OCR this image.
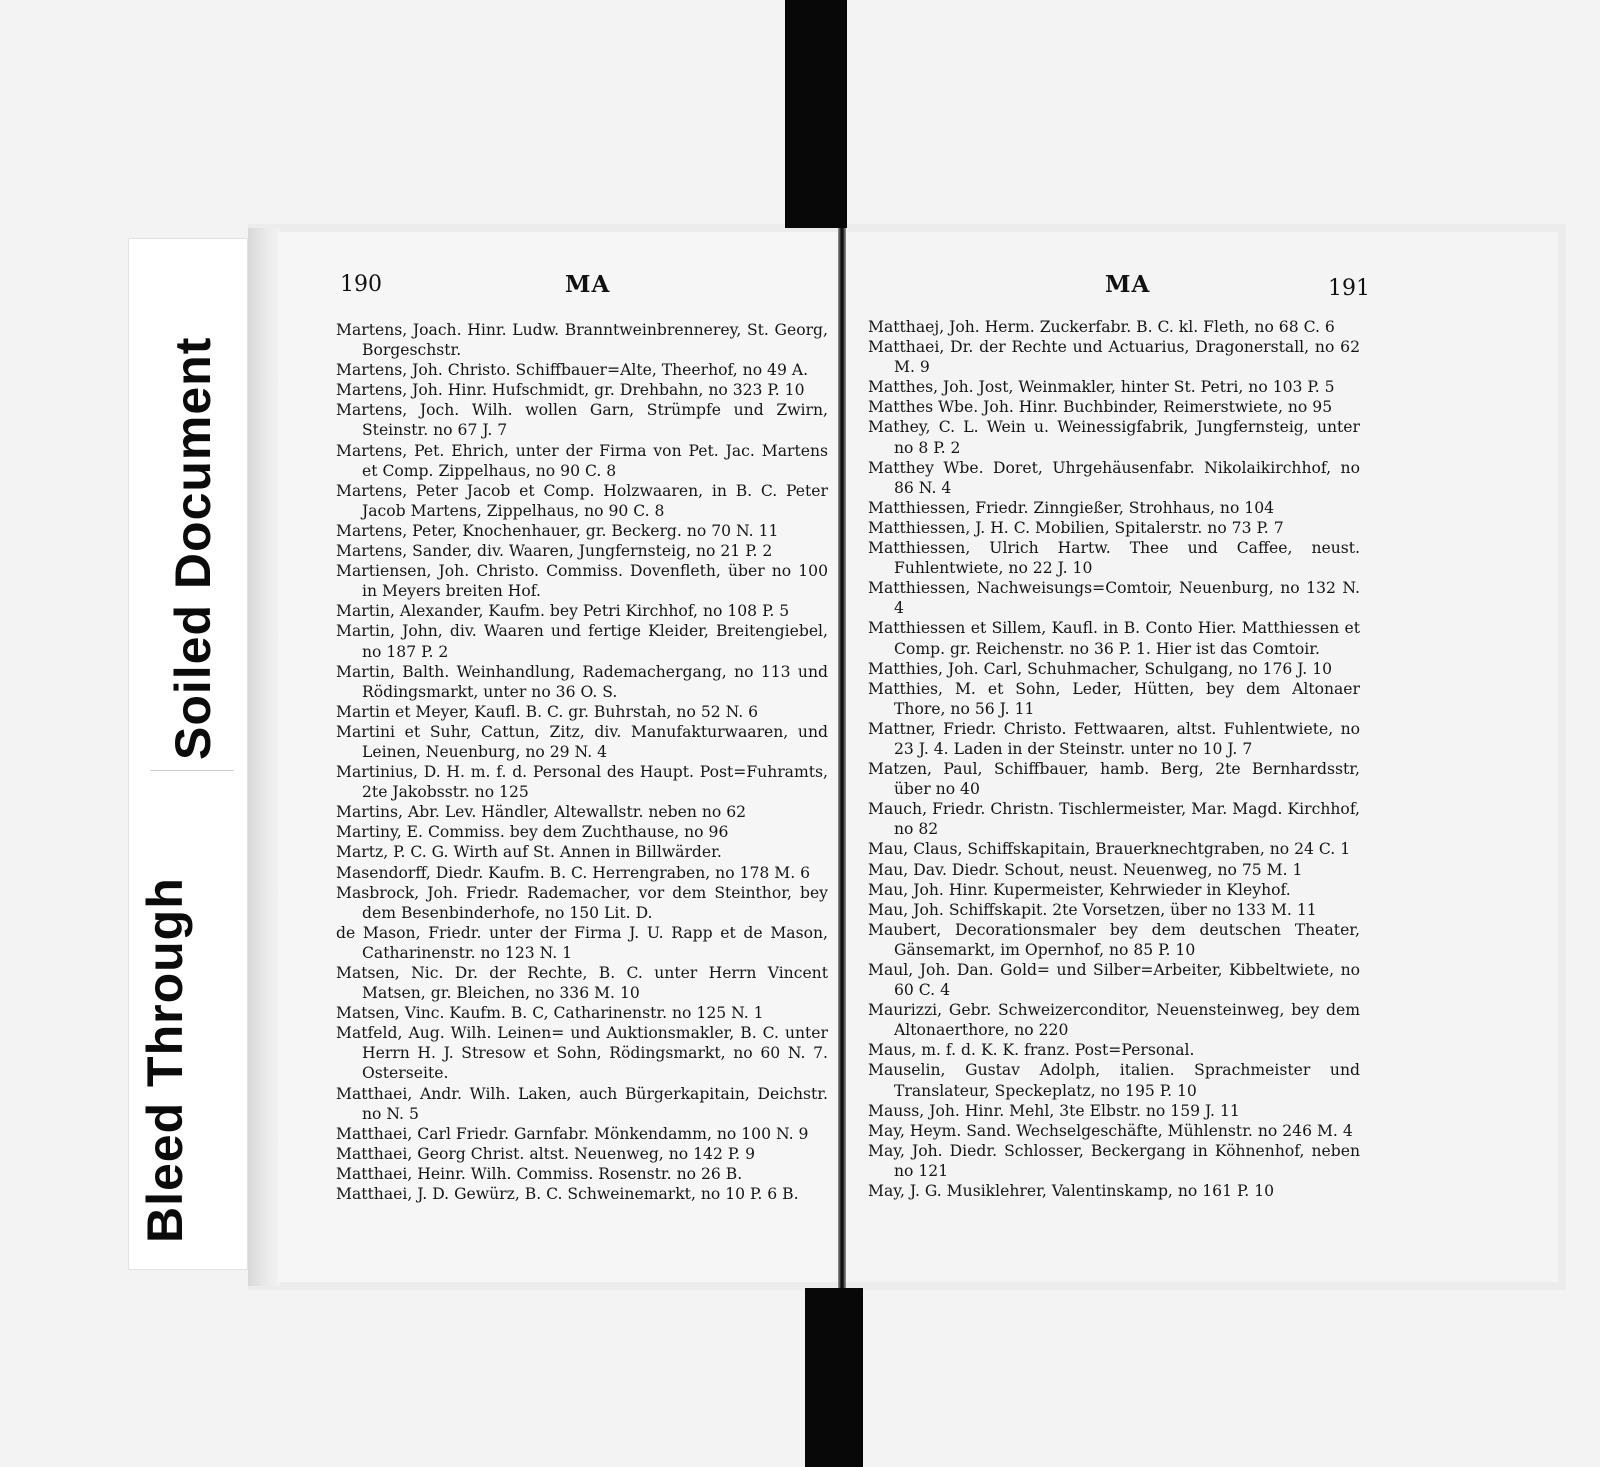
Bleed Through
Soiled Document
190	MA	MA	191
Martens, Joach. Hinr. Ludw. Branntweinbrennerey, St. Georg, Borgeschstr.
Martens, Joh. Christo. Schiffbauer=Alte, Theerhof, no 49 A.
Martens, Joh. Hinr. Hufschmidt, gr. Drehbahn, no 323 P. 10
Martens, Joch. Wilh. wollen Garn, Strümpfe und Zwirn, Steinstr. no 67 J. 7
Martens, Pet. Ehrich, unter der Firma von Pet. Jac. Martens et Comp. Zippelhaus, no 90 C. 8
Martens, Peter Jacob et Comp. Holzwaaren, in B. C. Peter Jacob Martens, Zippelhaus, no 90 C. 8
Martens, Peter, Knochenhauer, gr. Beckerg. no 70 N. 11
Martens, Sander, div. Waaren, Jungfernsteig, no 21 P. 2
Martiensen, Joh. Christo. Commiss. Dovenfleth, über no 100 in Meyers breiten Hof.
Martin, Alexander, Kaufm. bey Petri Kirchhof, no 108 P. 5
Martin, John, div. Waaren und fertige Kleider, Breitengiebel, no 187 P. 2
Martin, Balth. Weinhandlung, Rademachergang, no 113 und Rödingsmarkt, unter no 36 O. S.
Martin et Meyer, Kaufl. B. C. gr. Buhrstah, no 52 N. 6
Martini et Suhr, Cattun, Zitz, div. Manufakturwaaren, und Leinen, Neuenburg, no 29 N. 4
Martinius, D. H. m. f. d. Personal des Haupt. Post=Fuhramts, 2te Jakobsstr. no 125
Martins, Abr. Lev. Händler, Altewallstr. neben no 62
Martiny, E. Commiss. bey dem Zuchthause, no 96
Martz, P. C. G. Wirth auf St. Annen in Billwärder.
Masendorff, Diedr. Kaufm. B. C. Herrengraben, no 178 M. 6
Masbrock, Joh. Friedr. Rademacher, vor dem Steinthor, bey dem Besenbinderhofe, no 150 Lit. D.
de Mason, Friedr. unter der Firma J. U. Rapp et de Mason, Catharinenstr. no 123 N. 1
Matsen, Nic. Dr. der Rechte, B. C. unter Herrn Vincent Matsen, gr. Bleichen, no 336 M. 10
Matsen, Vinc. Kaufm. B. C, Catharinenstr. no 125 N. 1
Matfeld, Aug. Wilh. Leinen= und Auktionsmakler, B. C. unter Herrn H. J. Stresow et Sohn, Rödingsmarkt, no 60 N. 7. Osterseite.
Matthaei, Andr. Wilh. Laken, auch Bürgerkapitain, Deichstr. no N. 5
Matthaei, Carl Friedr. Garnfabr. Mönkendamm, no 100 N. 9
Matthaei, Georg Christ. altst. Neuenweg, no 142 P. 9
Matthaei, Heinr. Wilh. Commiss. Rosenstr. no 26 B.
Matthaei, J. D. Gewürz, B. C. Schweinemarkt, no 10 P. 6 B.
Matthaej, Joh. Herm. Zuckerfabr. B. C. kl. Fleth, no 68 C. 6
Matthaei, Dr. der Rechte und Actuarius, Dragonerstall, no 62 M. 9
Matthes, Joh. Jost, Weinmakler, hinter St. Petri, no 103 P. 5
Matthes Wbe. Joh. Hinr. Buchbinder, Reimerstwiete, no 95
Mathey, C. L. Wein u. Weinessigfabrik, Jungfernsteig, unter no 8 P. 2
Matthey Wbe. Doret, Uhrgehäusenfabr. Nikolaikirchhof, no 86 N. 4
Matthiessen, Friedr. Zinngießer, Strohhaus, no 104
Matthiessen, J. H. C. Mobilien, Spitalerstr. no 73 P. 7
Matthiessen, Ulrich Hartw. Thee und Caffee, neust. Fuhlentwiete, no 22 J. 10
Matthiessen, Nachweisungs=Comtoir, Neuenburg, no 132 N. 4
Matthiessen et Sillem, Kaufl. in B. Conto Hier. Matthiessen et Comp. gr. Reichenstr. no 36 P. 1. Hier ist das Comtoir.
Matthies, Joh. Carl, Schuhmacher, Schulgang, no 176 J. 10
Matthies, M. et Sohn, Leder, Hütten, bey dem Altonaer Thore, no 56 J. 11
Mattner, Friedr. Christo. Fettwaaren, altst. Fuhlentwiete, no 23 J. 4. Laden in der Steinstr. unter no 10 J. 7
Matzen, Paul, Schiffbauer, hamb. Berg, 2te Bernhardsstr, über no 40
Mauch, Friedr. Christn. Tischlermeister, Mar. Magd. Kirchhof, no 82
Mau, Claus, Schiffskapitain, Brauerknechtgraben, no 24 C. 1
Mau, Dav. Diedr. Schout, neust. Neuenweg, no 75 M. 1
Mau, Joh. Hinr. Kupermeister, Kehrwieder in Kleyhof.
Mau, Joh. Schiffskapit. 2te Vorsetzen, über no 133 M. 11
Maubert, Decorationsmaler bey dem deutschen Theater, Gänsemarkt, im Opernhof, no 85 P. 10
Maul, Joh. Dan. Gold= und Silber=Arbeiter, Kibbeltwiete, no 60 C. 4
Maurizzi, Gebr. Schweizerconditor, Neuensteinweg, bey dem Altonaerthore, no 220
Maus, m. f. d. K. K. franz. Post=Personal.
Mauselin, Gustav Adolph, italien. Sprachmeister und Translateur, Speckeplatz, no 195 P. 10
Mauss, Joh. Hinr. Mehl, 3te Elbstr. no 159 J. 11
May, Heym. Sand. Wechselgeschäfte, Mühlenstr. no 246 M. 4
May, Joh. Diedr. Schlosser, Beckergang in Köhnenhof, neben no 121
May, J. G. Musiklehrer, Valentinskamp, no 161 P. 10
